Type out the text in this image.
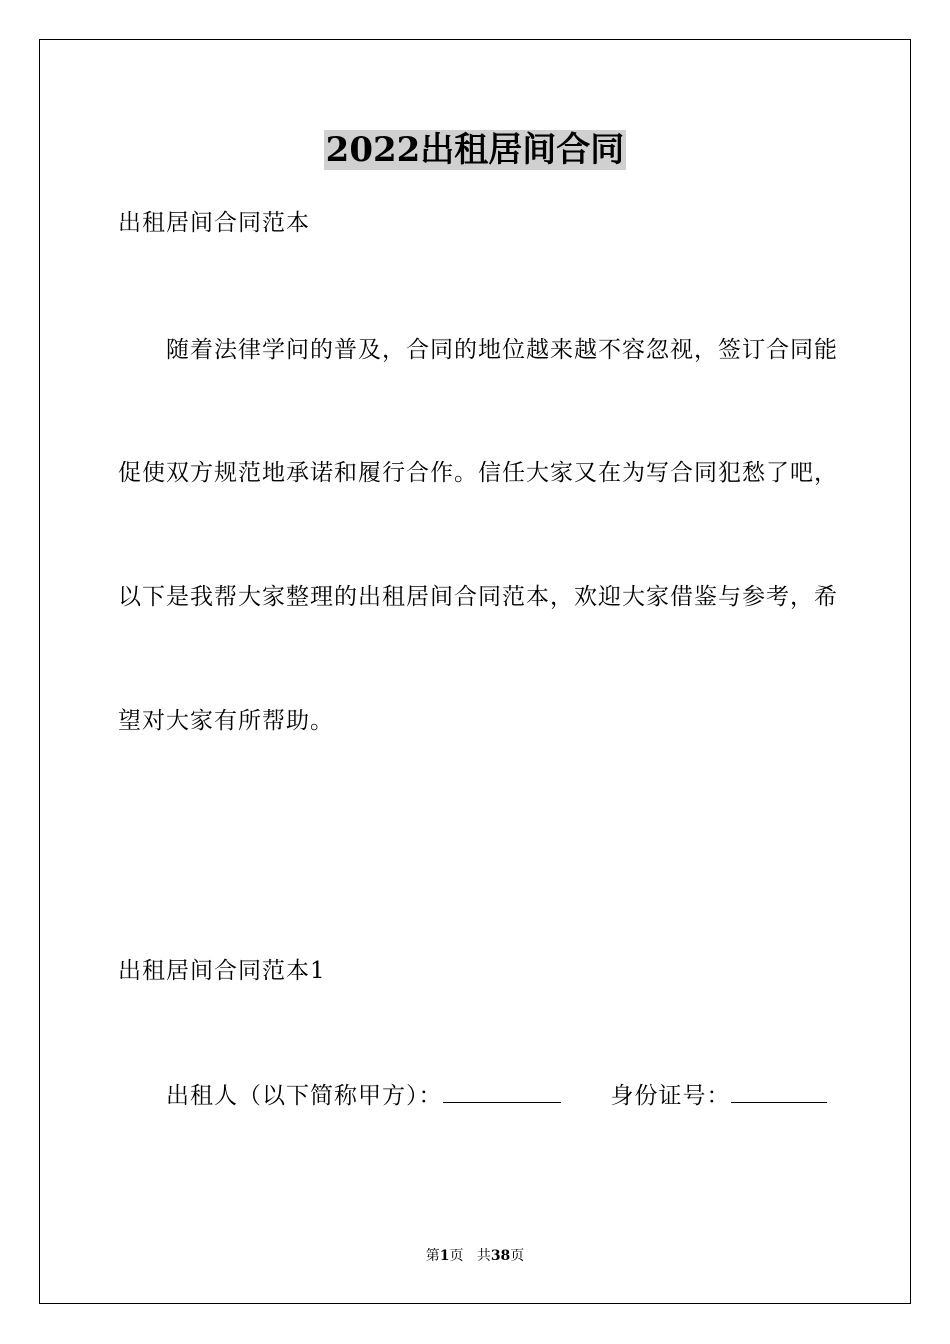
2022出租居间合同

出租居间合同范本

随着法律学问的普及，合同的地位越来越不容忽视，签订合同能

促使双方规范地承诺和履行合作。信任大家又在为写合同犯愁了吧，

以下是我帮大家整理的出租居间合同范本，欢迎大家借鉴与参考，希

望对大家有所帮助。

出租居间合同范本1

出租人（以下简称甲方）：	身份证号：

第1页 共38页
